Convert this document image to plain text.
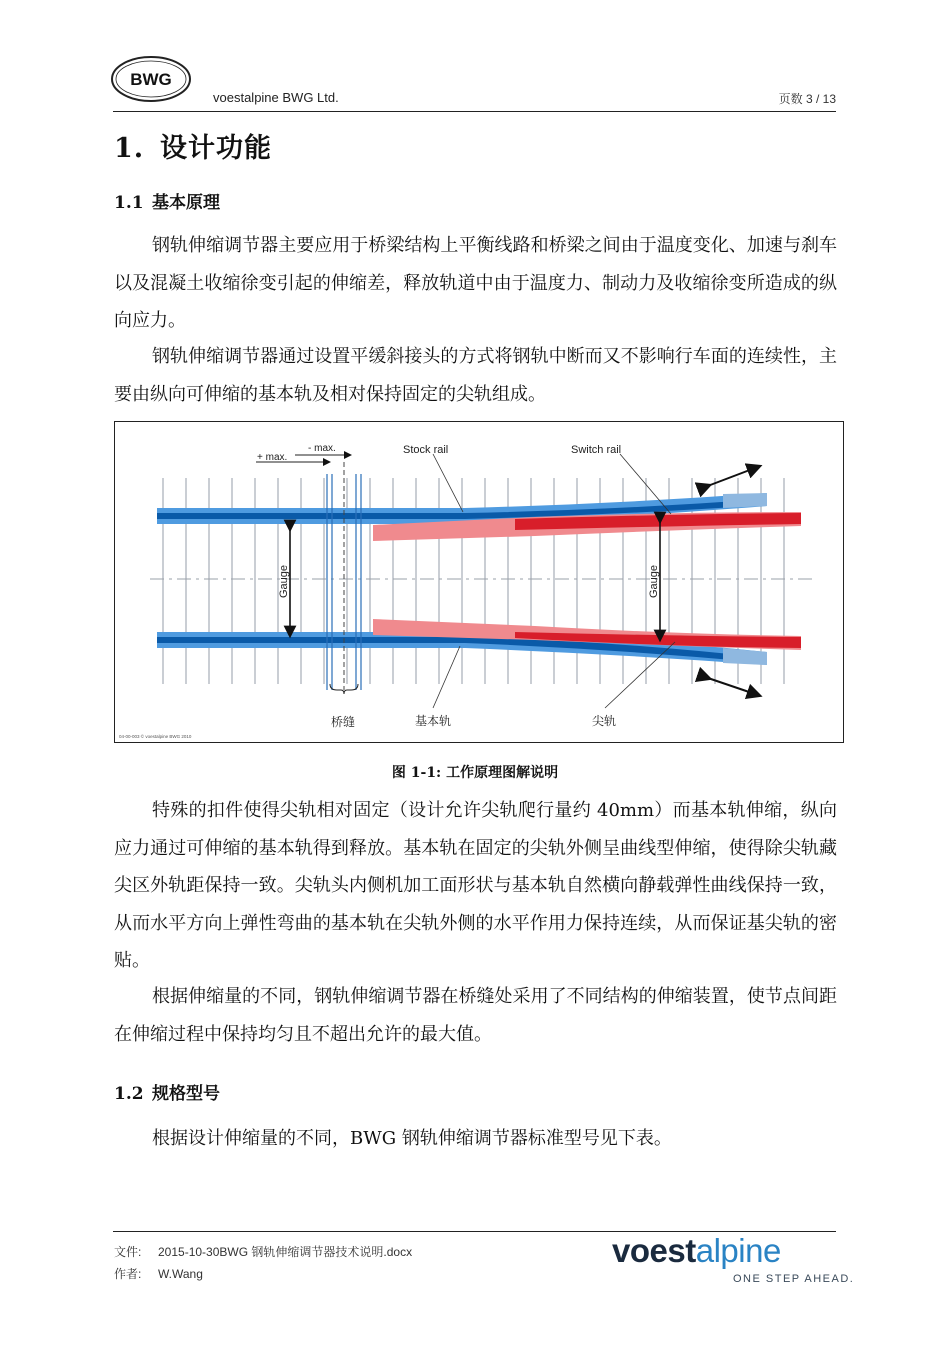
BWG
voestalpine BWG Ltd.	页数 3 / 13
1. 设计功能
1.1 基本原理

钢轨伸缩调节器主要应用于桥梁结构上平衡线路和桥梁之间由于温度变化、加速与刹车以及混凝土收缩徐变引起的伸缩差，释放轨道中由于温度力、制动力及收缩徐变所造成的纵向应力。

钢轨伸缩调节器通过设置平缓斜接头的方式将钢轨中断而又不影响行车面的连续性，主要由纵向可伸缩的基本轨及相对保持固定的尖轨组成。

+ max.
- max.
Gauge	Gauge
Stock rail	Switch rail
桥缝	基本轨	尖轨
04-00-003 © voestalpine BWG 2010
图 1-1: 工作原理图解说明

特殊的扣件使得尖轨相对固定（设计允许尖轨爬行量约 40mm）而基本轨伸缩，纵向应力通过可伸缩的基本轨得到释放。基本轨在固定的尖轨外侧呈曲线型伸缩，使得除尖轨藏尖区外轨距保持一致。尖轨头内侧机加工面形状与基本轨自然横向静载弹性曲线保持一致，从而水平方向上弹性弯曲的基本轨在尖轨外侧的水平作用力保持连续，从而保证基尖轨的密贴。

根据伸缩量的不同，钢轨伸缩调节器在桥缝处采用了不同结构的伸缩装置，使节点间距在伸缩过程中保持均匀且不超出允许的最大值。

1.2 规格型号

根据设计伸缩量的不同，BWG 钢轨伸缩调节器标准型号见下表。

文件: 2015-10-30BWG 钢轨伸缩调节器技术说明.docx
作者: W.Wang
voestalpine
ONE STEP AHEAD.
